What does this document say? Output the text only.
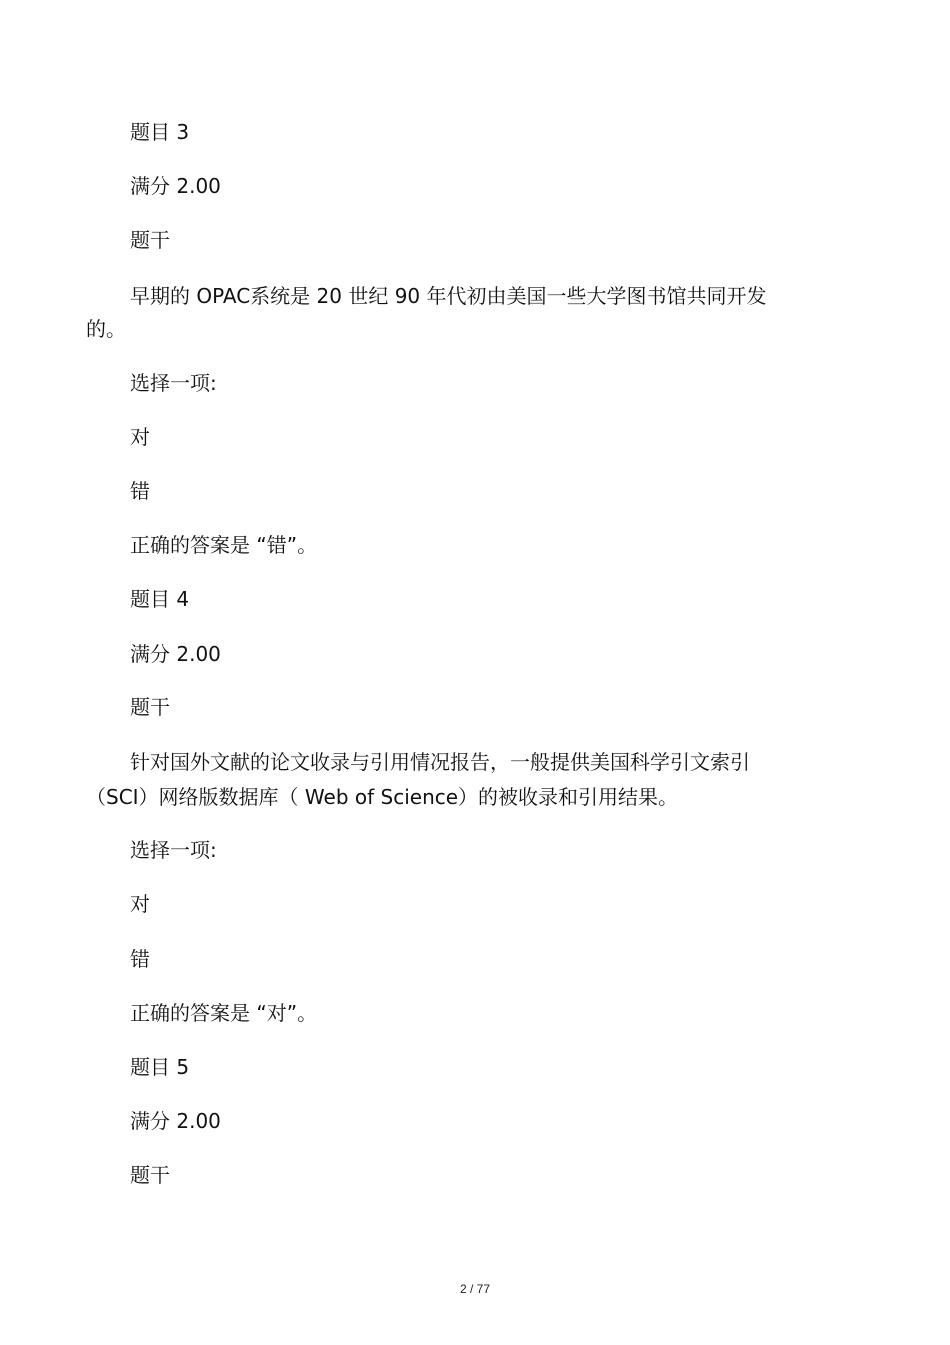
题目 3
满分 2.00
题干
早期的 OPAC系统是 20 世纪 90 年代初由美国一些大学图书馆共同开发
的。
选择一项:
对
错
正确的答案是 “错”。
题目 4
满分 2.00
题干
针对国外文献的论文收录与引用情况报告，一般提供美国科学引文索引
（SCI）网络版数据库（ Web of Science）的被收录和引用结果。
选择一项:
对
错
正确的答案是 “对”。
题目 5
满分 2.00
题干
2 / 77
